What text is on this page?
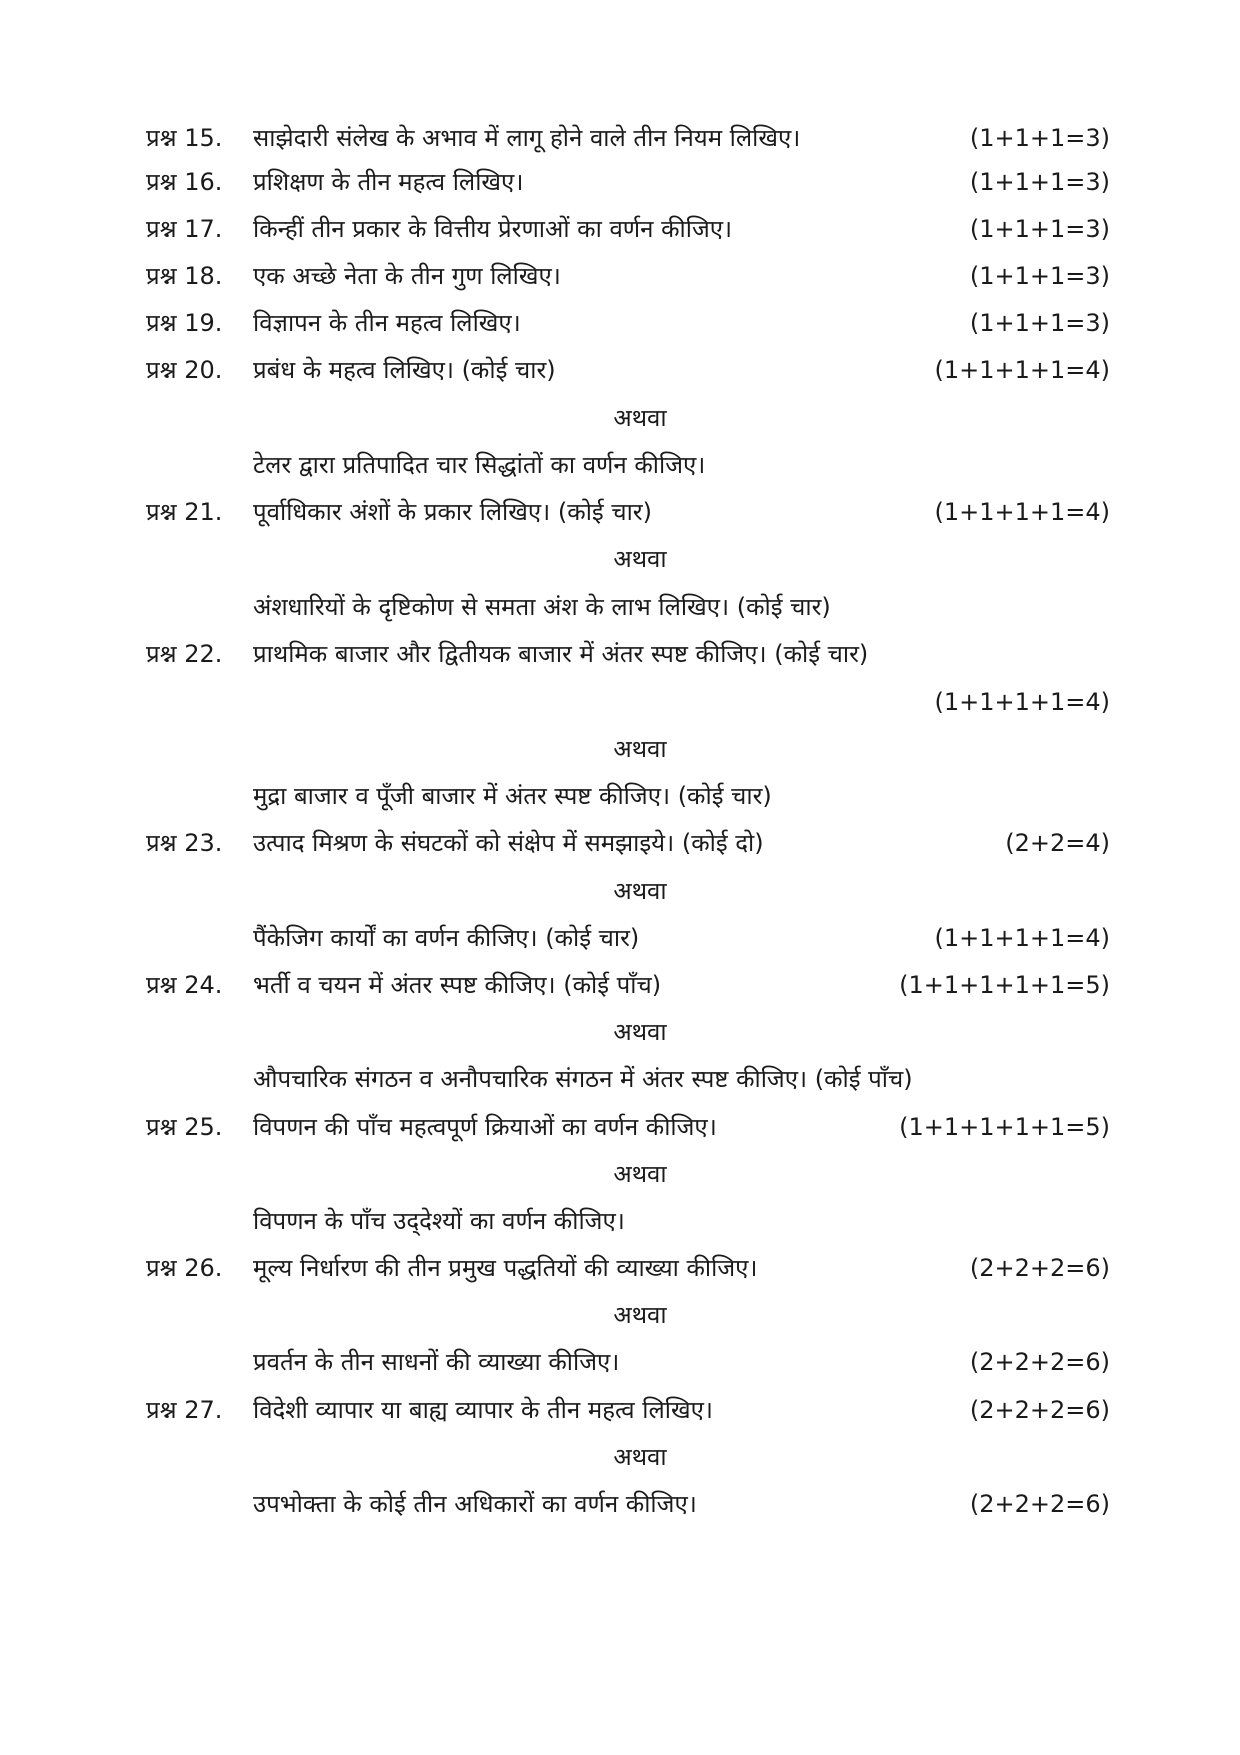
प्रश्न 15. साझेदारी संलेख के अभाव में लागू होने वाले तीन नियम लिखिए।	(1+1+1=3)
प्रश्न 16. प्रशिक्षण के तीन महत्व लिखिए।	(1+1+1=3)
प्रश्न 17. किन्हीं तीन प्रकार के वित्तीय प्रेरणाओं का वर्णन कीजिए।	(1+1+1=3)
प्रश्न 18. एक अच्छे नेता के तीन गुण लिखिए।	(1+1+1=3)
प्रश्न 19. विज्ञापन के तीन महत्व लिखिए।	(1+1+1=3)
प्रश्न 20. प्रबंध के महत्व लिखिए। (कोई चार)	(1+1+1+1=4)
अथवा
टेलर द्वारा प्रतिपादित चार सिद्धांतों का वर्णन कीजिए।
प्रश्न 21. पूर्वाधिकार अंशों के प्रकार लिखिए। (कोई चार)	(1+1+1+1=4)
अथवा
अंशधारियों के दृष्टिकोण से समता अंश के लाभ लिखिए। (कोई चार)
प्रश्न 22. प्राथमिक बाजार और द्वितीयक बाजार में अंतर स्पष्ट कीजिए। (कोई चार)
(1+1+1+1=4)
अथवा
मुद्रा बाजार व पूँजी बाजार में अंतर स्पष्ट कीजिए। (कोई चार)
प्रश्न 23. उत्पाद मिश्रण के संघटकों को संक्षेप में समझाइये। (कोई दो)	(2+2=4)
अथवा
पैंकेजिग कार्यों का वर्णन कीजिए। (कोई चार)	(1+1+1+1=4)
प्रश्न 24. भर्ती व चयन में अंतर स्पष्ट कीजिए। (कोई पाँच)	(1+1+1+1+1=5)
अथवा
औपचारिक संगठन व अनौपचारिक संगठन में अंतर स्पष्ट कीजिए। (कोई पाँच)
प्रश्न 25. विपणन की पाँच महत्वपूर्ण क्रियाओं का वर्णन कीजिए।	(1+1+1+1+1=5)
अथवा
विपणन के पाँच उद्‌देश्यों का वर्णन कीजिए।
प्रश्न 26. मूल्य निर्धारण की तीन प्रमुख पद्धतियों की व्याख्या कीजिए।	(2+2+2=6)
अथवा
प्रवर्तन के तीन साधनों की व्याख्या कीजिए।	(2+2+2=6)
प्रश्न 27. विदेशी व्यापार या बाह्य व्यापार के तीन महत्व लिखिए।	(2+2+2=6)
अथवा
उपभोक्ता के कोई तीन अधिकारों का वर्णन कीजिए।	(2+2+2=6)
